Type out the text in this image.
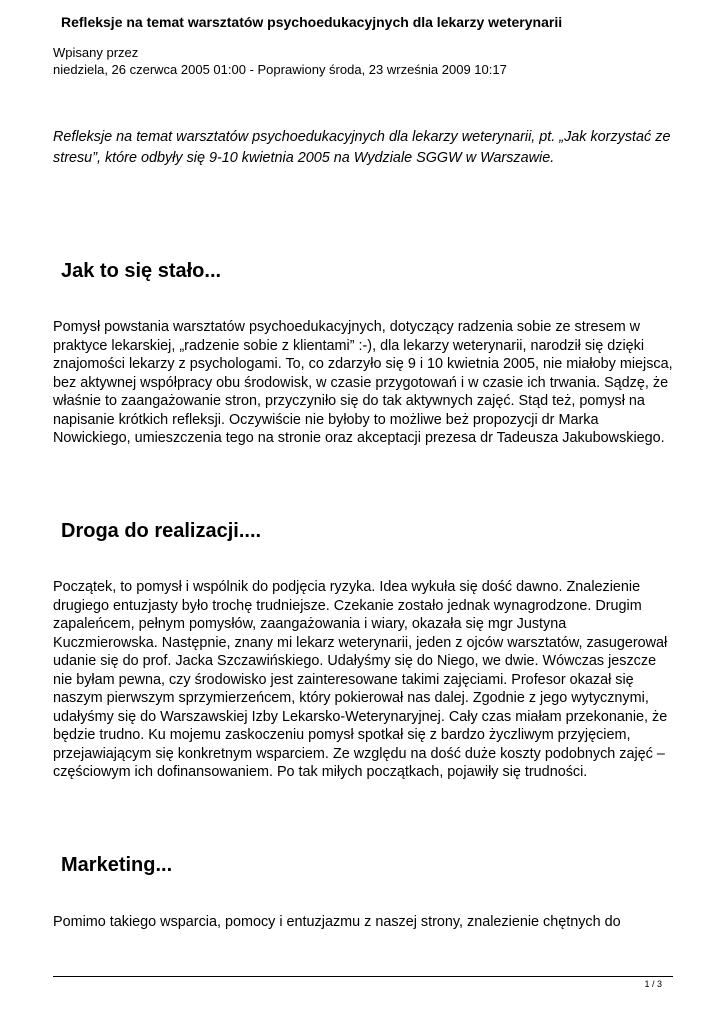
Refleksje na temat warsztatów psychoedukacyjnych dla lekarzy weterynarii
Wpisany przez
niedziela, 26 czerwca 2005 01:00 - Poprawiony środa, 23 września 2009 10:17
Refleksje na temat warsztatów psychoedukacyjnych dla lekarzy weterynarii, pt. „Jak korzystać ze stresu”, które odbyły się 9-10 kwietnia 2005 na Wydziale SGGW w Warszawie.
Jak to się stało...
Pomysł powstania warsztatów psychoedukacyjnych, dotyczący radzenia sobie ze stresem w praktyce lekarskiej, „radzenie sobie z klientami” :-), dla lekarzy weterynarii, narodził się dzięki znajomości lekarzy z psychologami. To, co zdarzyło się 9 i 10 kwietnia 2005, nie miałoby miejsca, bez aktywnej współpracy obu środowisk, w czasie przygotowań i w czasie ich trwania. Sądzę, że właśnie to zaangażowanie stron, przyczyniło się do tak aktywnych zajęć. Stąd też, pomysł na napisanie krótkich refleksji. Oczywiście nie byłoby to możliwe beż propozycji dr Marka Nowickiego, umieszczenia tego na stronie oraz akceptacji prezesa dr Tadeusza Jakubowskiego.
Droga do realizacji....
Początek, to pomysł i wspólnik do podjęcia ryzyka. Idea wykuła się dość dawno. Znalezienie drugiego entuzjasty było trochę trudniejsze. Czekanie zostało jednak wynagrodzone. Drugim zapaleńcem, pełnym pomysłów, zaangażowania i wiary, okazała się mgr Justyna Kuczmierowska. Następnie, znany mi lekarz weterynarii, jeden z ojców warsztatów, zasugerował udanie się do prof. Jacka Szczawińskiego. Udałyśmy się do Niego, we dwie. Wówczas jeszcze nie byłam pewna, czy środowisko jest zainteresowane takimi zajęciami. Profesor okazał się naszym pierwszym sprzymierzeńcem, który pokierował nas dalej. Zgodnie z jego wytycznymi, udałyśmy się do Warszawskiej Izby Lekarsko-Weterynaryjnej. Cały czas miałam przekonanie, że będzie trudno. Ku mojemu zaskoczeniu pomysł spotkał się z bardzo życzliwym przyjęciem, przejawiającym się konkretnym wsparciem. Ze względu na dość duże koszty podobnych zajęć – częściowym ich dofinansowaniem. Po tak miłych początkach, pojawiły się trudności.
Marketing...
Pomimo takiego wsparcia, pomocy i entuzjazmu z naszej strony, znalezienie chętnych do
1 / 3
